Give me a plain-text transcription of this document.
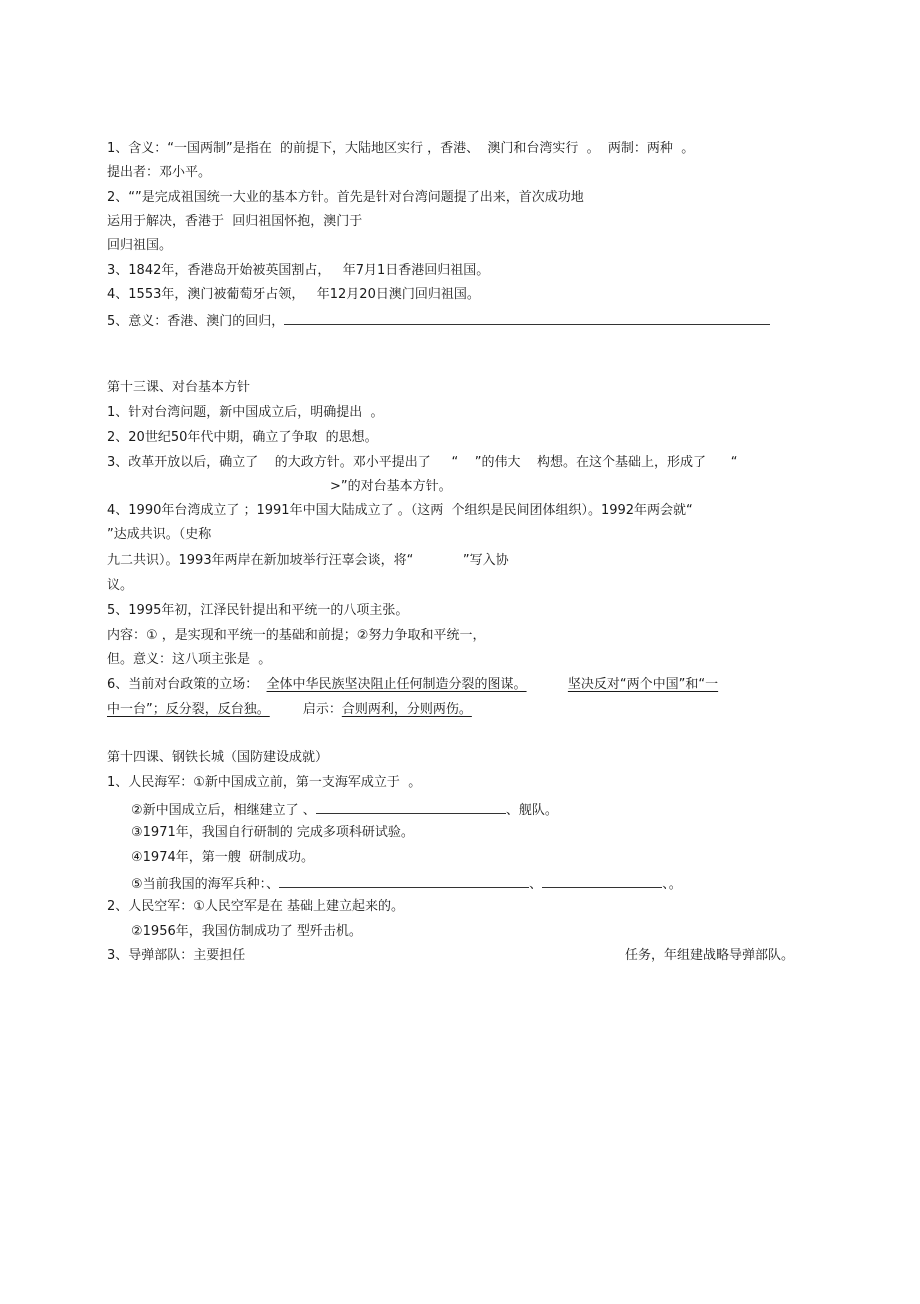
1、含义：“一国两制”是指在  的前提下，大陆地区实行 ，香港、  澳门和台湾实行  。  两制：两种  。
提出者：邓小平。
2、“”是完成祖国统一大业的基本方针。首先是针对台湾问题提了出来，首次成功地
运用于解决，香港于  回归祖国怀抱，澳门于
回归祖国。
3、1842年，香港岛开始被英国割占，   年7月1日香港回归祖国。
4、1553年，澳门被葡萄牙占领，   年12月20日澳门回归祖国。
5、意义：香港、澳门的回归，
第十三课、对台基本方针
1、针对台湾问题，新中国成立后，明确提出  。
2、20世纪50年代中期，确立了争取  的思想。
3、改革开放以后，确立了    的大政方针。邓小平提出了     “    ”的伟大    构想。在这个基础上，形成了      “
>”的对台基本方针。
4、1990年台湾成立了 ；1991年中国大陆成立了 。（这两  个组织是民间团体组织）。1992年两会就“
”达成共识。（史称
九二共识）。1993年两岸在新加坡举行汪辜会谈，将“            ”写入协
议。
5、1995年初，江泽民针提出和平统一的八项主张。
内容：① ，是实现和平统一的基础和前提；②努力争取和平统一，
但。意义：这八项主张是  。
6、当前对台政策的立场：  全体中华民族坚决阻止任何制造分裂的图谋。	坚决反对“两个中国”和“一
中一台”；反分裂，反台独。	启示：合则两利，分则两伤。
第十四课、钢铁长城（国防建设成就）
1、人民海军：①新中国成立前，第一支海军成立于  。
②新中国成立后，相继建立了 、	、舰队。
③1971年，我国自行研制的 完成多项科研试验。
④1974年，第一艘  研制成功。
⑤当前我国的海军兵种：、	、	、。
2、人民空军：①人民空军是在 基础上建立起来的。
②1956年，我国仿制成功了 型歼击机。
3、导弹部队：主要担任	任务，年组建战略导弹部队。
